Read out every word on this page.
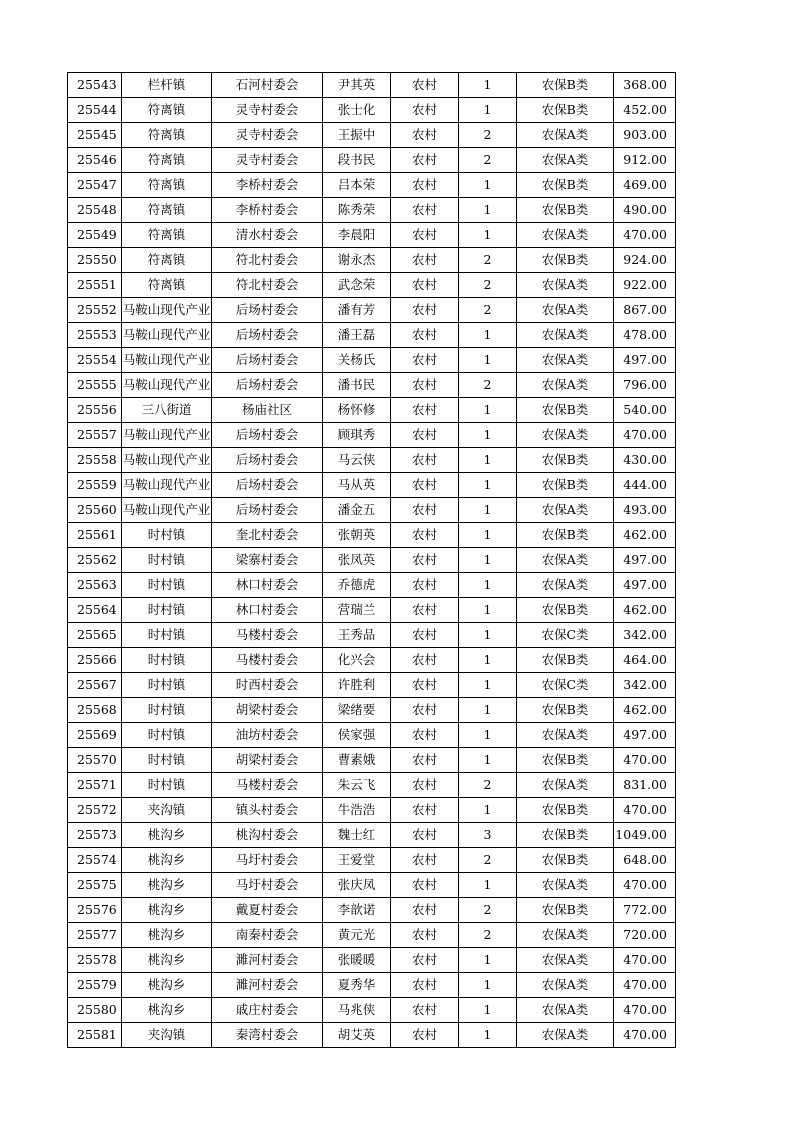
25543	栏杆镇	石河村委会	尹其英	农村	1	农保B类	368.00
25544	符离镇	灵寺村委会	张士化	农村	1	农保B类	452.00
25545	符离镇	灵寺村委会	王振中	农村	2	农保A类	903.00
25546	符离镇	灵寺村委会	段书民	农村	2	农保A类	912.00
25547	符离镇	李桥村委会	吕本荣	农村	1	农保B类	469.00
25548	符离镇	李桥村委会	陈秀荣	农村	1	农保B类	490.00
25549	符离镇	清水村委会	李晨阳	农村	1	农保A类	470.00
25550	符离镇	符北村委会	谢永杰	农村	2	农保B类	924.00
25551	符离镇	符北村委会	武念荣	农村	2	农保A类	922.00
25552	马鞍山现代产业	后场村委会	潘有芳	农村	2	农保A类	867.00
25553	马鞍山现代产业	后场村委会	潘王磊	农村	1	农保A类	478.00
25554	马鞍山现代产业	后场村委会	关杨氏	农村	1	农保A类	497.00
25555	马鞍山现代产业	后场村委会	潘书民	农村	2	农保A类	796.00
25556	三八街道	杨庙社区	杨怀修	农村	1	农保B类	540.00
25557	马鞍山现代产业	后场村委会	顾琪秀	农村	1	农保A类	470.00
25558	马鞍山现代产业	后场村委会	马云侠	农村	1	农保B类	430.00
25559	马鞍山现代产业	后场村委会	马从英	农村	1	农保B类	444.00
25560	马鞍山现代产业	后场村委会	潘金五	农村	1	农保A类	493.00
25561	时村镇	奎北村委会	张朝英	农村	1	农保B类	462.00
25562	时村镇	梁寨村委会	张凤英	农村	1	农保A类	497.00
25563	时村镇	林口村委会	乔德虎	农村	1	农保A类	497.00
25564	时村镇	林口村委会	营瑞兰	农村	1	农保B类	462.00
25565	时村镇	马楼村委会	王秀品	农村	1	农保C类	342.00
25566	时村镇	马楼村委会	化兴会	农村	1	农保B类	464.00
25567	时村镇	时西村委会	许胜利	农村	1	农保C类	342.00
25568	时村镇	胡梁村委会	梁绪要	农村	1	农保B类	462.00
25569	时村镇	油坊村委会	侯家强	农村	1	农保A类	497.00
25570	时村镇	胡梁村委会	曹素娥	农村	1	农保B类	470.00
25571	时村镇	马楼村委会	朱云飞	农村	2	农保A类	831.00
25572	夹沟镇	镇头村委会	牛浩浩	农村	1	农保B类	470.00
25573	桃沟乡	桃沟村委会	魏士红	农村	3	农保B类	1049.00
25574	桃沟乡	马圩村委会	王爱堂	农村	2	农保B类	648.00
25575	桃沟乡	马圩村委会	张庆凤	农村	1	农保A类	470.00
25576	桃沟乡	戴夏村委会	李歆诺	农村	2	农保B类	772.00
25577	桃沟乡	南秦村委会	黄元光	农村	2	农保A类	720.00
25578	桃沟乡	濉河村委会	张暖暖	农村	1	农保A类	470.00
25579	桃沟乡	濉河村委会	夏秀华	农村	1	农保A类	470.00
25580	桃沟乡	戚庄村委会	马兆侠	农村	1	农保A类	470.00
25581	夹沟镇	秦湾村委会	胡艾英	农村	1	农保A类	470.00
